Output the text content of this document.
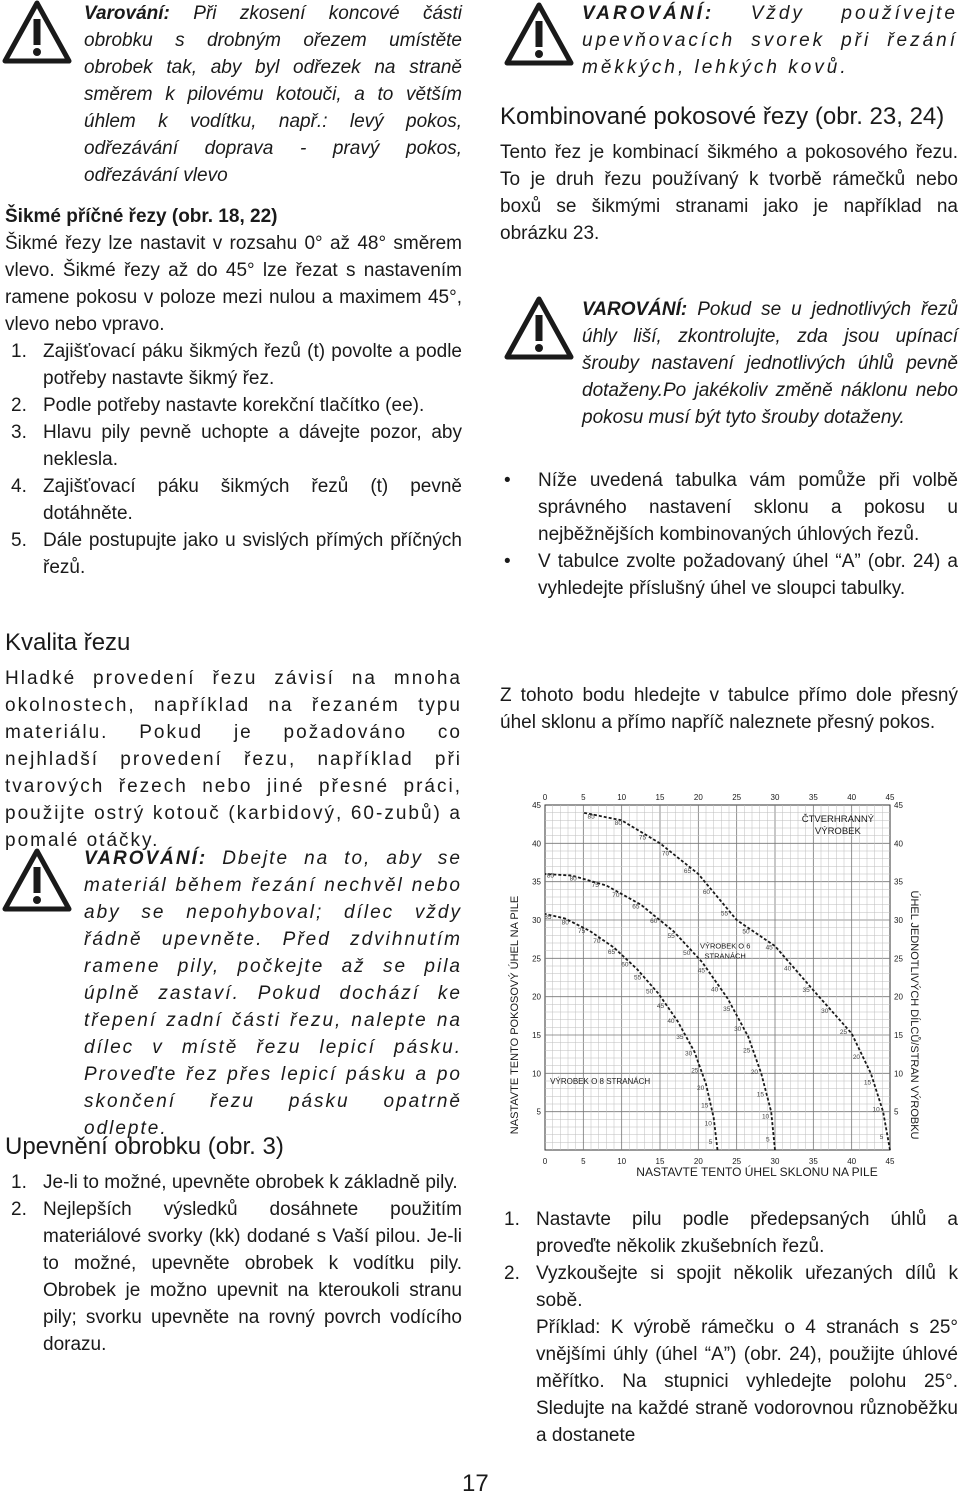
Varování: Při zkosení koncové části obrobku s drobným ořezem umístěte obrobek tak, aby byl odřezek na straně směrem k pilovému kotouči, a to větším úhlem k vodítku, např.: levý pokos, odřezávání doprava - pravý pokos, odřezávání vlevo
Šikmé příčné řezy (obr. 18, 22)

Šikmé řezy lze nastavit v rozsahu 0° až 48° směrem vlevo. Šikmé řezy až do 45° lze řezat s nastavením ramene pokosu v poloze mezi nulou a maximem 45°, vlevo nebo vpravo.

1. Zajišťovací páku šikmých řezů (t) povolte a podle potřeby nastavte šikmý řez.
2. Podle potřeby nastavte korekční tlačítko (ee).
3. Hlavu pily pevně uchopte a dávejte pozor, aby neklesla.
4. Zajišťovací páku šikmých řezů (t) pevně dotáhněte.
5. Dále postupujte jako u svislých přímých příčných řezů.
Kvalita řezu

Hladké provedení řezu závisí na mnoha okolnostech, například na řezaném typu materiálu. Pokud je požadováno co nejhladší provedení řezu, například při tvarových řezech nebo jiné přesné práci, použijte ostrý kotouč (karbidový, 60-zubů) a pomalé otáčky.

VAROVÁNÍ: Dbejte na to, aby se materiál během řezání nechvěl nebo aby se nepohyboval; dílec vždy řádně upevněte. Před zdvihnutím ramene pily, počkejte až se pila úplně zastaví. Pokud dochází ke třepení zadní části řezu, nalepte na dílec v místě řezu lepicí pásku. Proveďte řez přes lepicí pásku a po skončení řezu pásku opatrně odlepte.
Upevnění obrobku (obr. 3)
1. Je-li to možné, upevněte obrobek k základně pily.
2. Nejlepších výsledků dosáhnete použitím materiálové svorky (kk) dodané s Vaší pilou. Je-li to možné, upevněte obrobek k vodítku pily. Obrobek je možno upevnit na kteroukoli stranu pily; svorku upevněte na rovný povrch vodícího dorazu.
VAROVÁNÍ: Vždy používejte upevňovacích svorek při řezání měkkých, lehkých kovů.
Kombinované pokosové řezy (obr. 23, 24)

Tento řez je kombinací šikmého a pokosového řezu. To je druh řezu používaný k tvorbě rámečků nebo boxů se šikmými stranami jako je například na obrázku 23.

VAROVÁNÍ: Pokud se u jednotlivých řezů úhly liší, zkontrolujte, zda jsou upínací šrouby nastavení jednotlivých úhlů pevně dotaženy.Po jakékoliv změně náklonu nebo pokosu musí být tyto šrouby dotaženy.
• Níže uvedená tabulka vám pomůže při volbě správného nastavení sklonu a pokosu u nejběžnějších kombinovaných úhlových řezů.
• V tabulce zvolte požadovaný úhel “A” (obr. 24) a vyhledejte příslušný úhel ve sloupci tabulky.

Z tohoto bodu hledejte v tabulce přímo dole přesný úhel sklonu a přímo napříč naleznete přesný pokos.

1. Nastavte pilu podle předepsaných úhlů a proveďte několik zkušebních řezů.
2. Vyzkoušejte si spojit několik uřezaných dílů k sobě.

Příklad: K výrobě rámečku o 4 stranách s 25° vnějšími úhly (úhel “A”) (obr. 24), použijte úhlové měřítko. Na stupnici vyhledejte polohu 25°. Sledujte na každé straně vodorovnou různoběžku a dostanete

5
10
15
20
25
30
35
40
45
50
55
60
65
70
75
80
85
5
10
15
20
25
30
35
40
45
50
55
60
65
70
75
80
85
5
10
15
20
25
30
35
40
45
50
55
60
65
70
75
80
85
0	5	10	15	20	25	30	35	40	45
0	5	10	15	20	25	30	35	40	45
5
10
15
20
25
30
35
40
45
5
10
15
20
25
30
35
40
45
NASTAVTE TENTO ÚHEL SKLONU NA PILE
NASTAVTE TENTO POKOSOVÝ ÚHEL NA PILE	ÚHEL JEDNOTLIVÝCH DÍLCŮ/STRAN VÝROBKU
ČTVERHRANNÝ
VÝROBEK
VÝROBEK O 6
STRANÁCH
VÝROBEK O 8 STRANÁCH
17
